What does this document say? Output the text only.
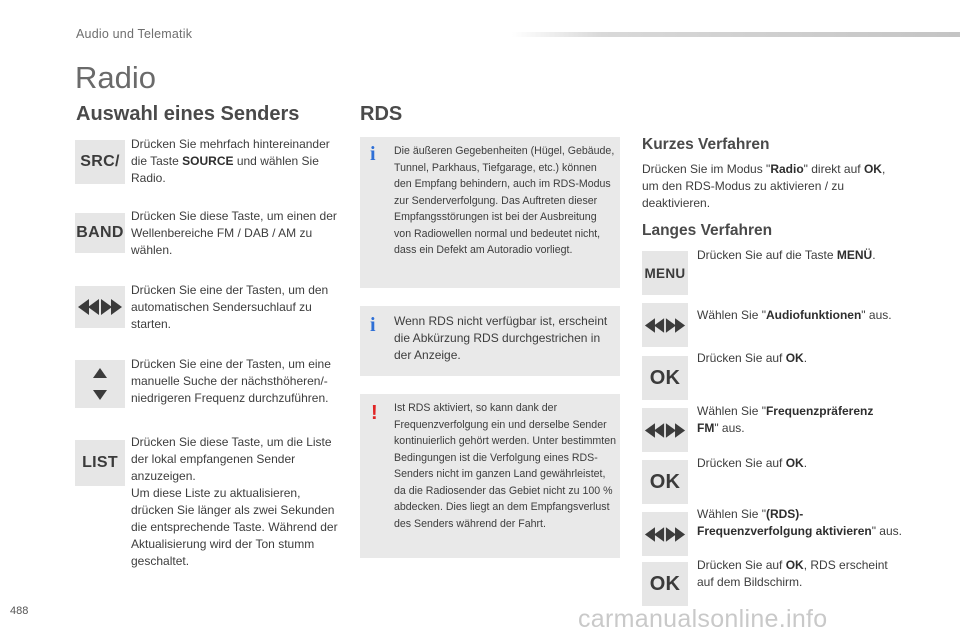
Audio und Telematik
Radio
Auswahl eines Senders
SRC/
Drücken Sie mehrfach hintereinander die Taste SOURCE und wählen Sie Radio.
BAND
Drücken Sie diese Taste, um einen der Wellenbereiche FM / DAB / AM zu wählen.
Drücken Sie eine der Tasten, um den automatischen Sendersuchlauf zu starten.
Drücken Sie eine der Tasten, um eine manuelle Suche der nächsthöheren/-niedrigeren Frequenz durchzuführen.
LIST
Drücken Sie diese Taste, um die Liste der lokal empfangenen Sender anzuzeigen.
Um diese Liste zu aktualisieren, drücken Sie länger als zwei Sekunden die entsprechende Taste. Während der Aktualisierung wird der Ton stumm geschaltet.
RDS
i Die äußeren Gegebenheiten (Hügel, Gebäude, Tunnel, Parkhaus, Tiefgarage, etc.) können den Empfang behindern, auch im RDS-Modus zur Senderverfolgung. Das Auftreten dieser Empfangsstörungen ist bei der Ausbreitung von Radiowellen normal und bedeutet nicht, dass ein Defekt am Autoradio vorliegt.
i Wenn RDS nicht verfügbar ist, erscheint die Abkürzung RDS durchgestrichen in der Anzeige.
! Ist RDS aktiviert, so kann dank der Frequenzverfolgung ein und derselbe Sender kontinuierlich gehört werden. Unter bestimmten Bedingungen ist die Verfolgung eines RDS-Senders nicht im ganzen Land gewährleistet, da die Radiosender das Gebiet nicht zu 100 % abdecken. Dies liegt an dem Empfangsverlust des Senders während der Fahrt.
Kurzes Verfahren
Drücken Sie im Modus "Radio" direkt auf OK, um den RDS-Modus zu aktivieren / zu deaktivieren.
Langes Verfahren
MENU
Drücken Sie auf die Taste MENÜ.
Wählen Sie "Audiofunktionen" aus.
OK
Drücken Sie auf OK.
Wählen Sie "Frequenzpräferenz FM" aus.
OK
Drücken Sie auf OK.
Wählen Sie "(RDS)-Frequenzverfolgung aktivieren" aus.
OK
Drücken Sie auf OK, RDS erscheint auf dem Bildschirm.
488	carmanualsonline.info
